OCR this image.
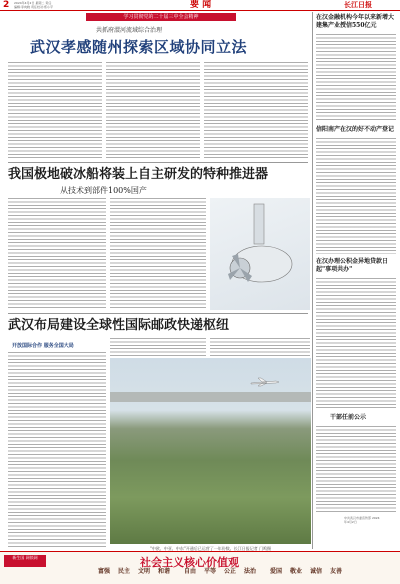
2 2024年4月2日 星期二 责任编辑:李向晓 责任校对:郑小平	要 闻	长江日报
学习贯彻党的二十届三中全会精神
共抓府澴河流域综合治理
武汉孝感随州探索区域协同立法
在汉金融机构今年以来新增大建集产业授信550亿元
信阳南产在汉的好不动产登记
在汉办理公积金异地贷款日起"事项共办"
干部任前公示
中共武汉市委宣传部 2024年4月2日
我国极地破冰船将装上自主研发的特种推进器
从技术到部件100%国产
武汉布局建设全球性国际邮政快递枢纽
开放国际合作 服务全国大局
"中欧、中亚、中东"开通后已运营了一年份数。长江日报记者 门鸣摄
新生国 网锁网	社会主义核心价值观
富强	民主	文明	和谐	自由	平等	公正	法治	爱国	敬业	诚信	友善
